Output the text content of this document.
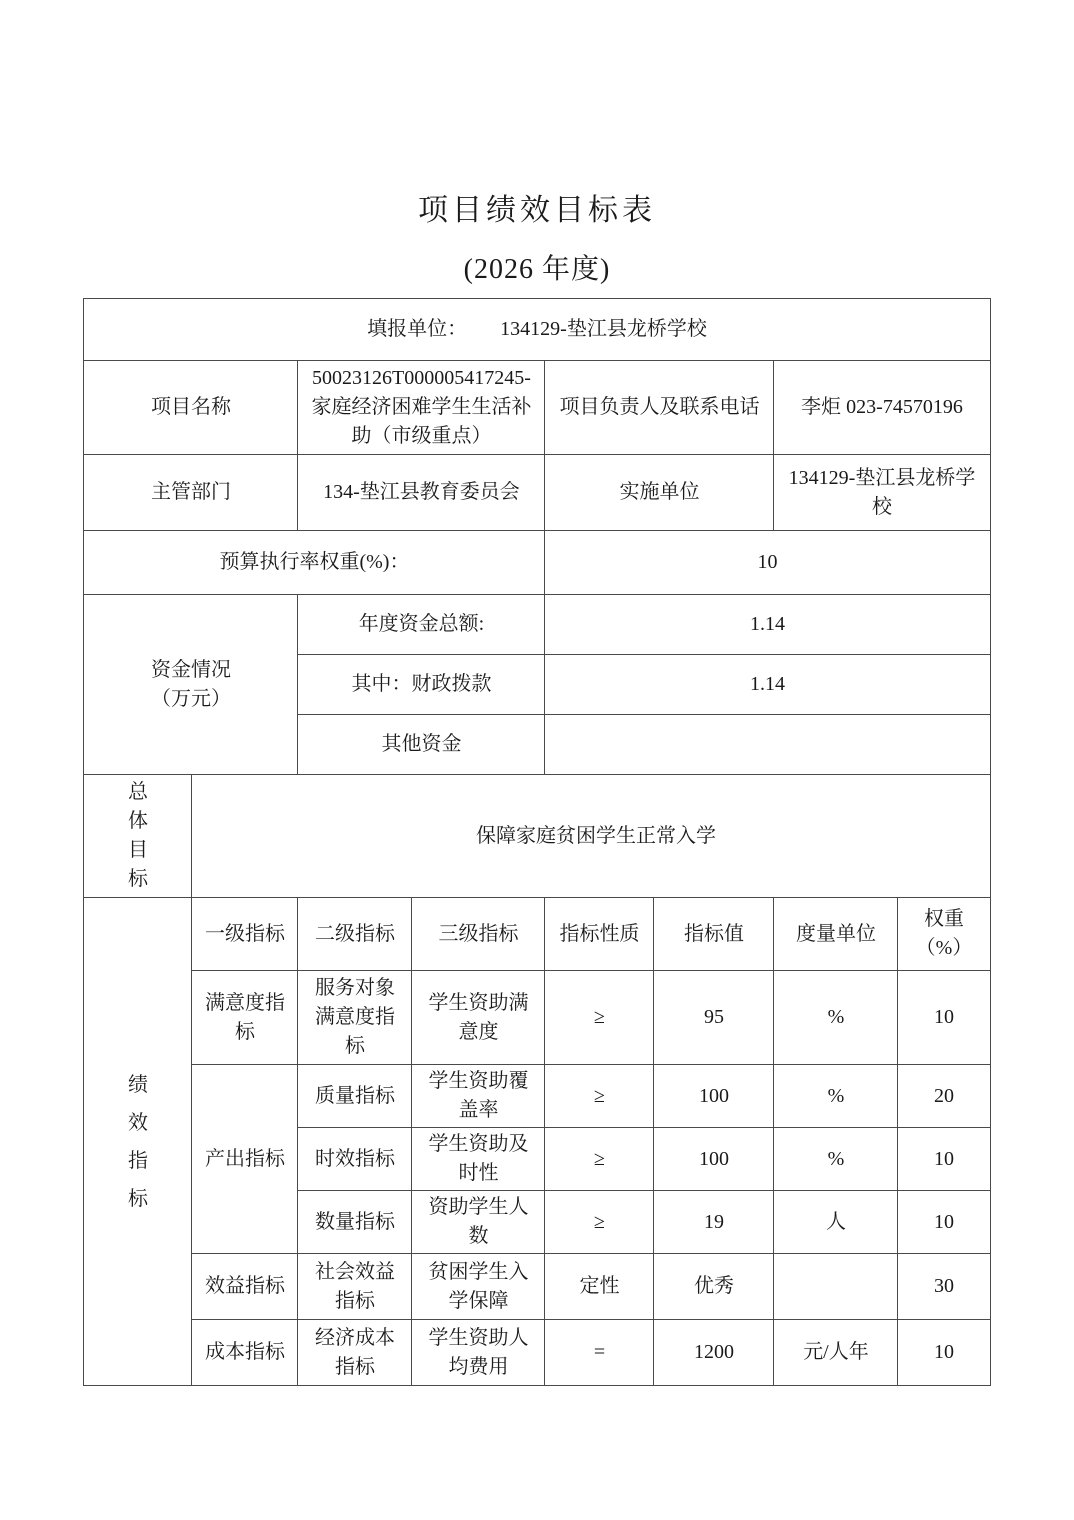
项目绩效目标表
(2026 年度)
填报单位： 134129-垫江县龙桥学校							
项目名称		50023126T000005417245-家庭经济困难学生生活补助（市级重点）		项目负责人及联系电话		李炬 023-74570196	
主管部门		134-垫江县教育委员会		实施单位		134129-垫江县龙桥学校	
预算执行率权重(%)：				10			

资金情况
（万元）		年度资金总额:		1.14			
		其中：财政拨款		1.14			
		其他资金					

总体目标	保障家庭贫困学生正常入学						

绩效指标	一级指标	二级指标	三级指标	指标性质	指标值	度量单位	权重（%）
	满意度指标	服务对象满意度指标	学生资助满意度	≥	95	%	10
	产出指标	质量指标	学生资助覆盖率	≥	100	%	20
		时效指标	学生资助及时性	≥	100	%	10
		数量指标	资助学生人数	≥	19	人	10
	效益指标	社会效益指标	贫困学生入学保障	定性	优秀		30
	成本指标	经济成本指标	学生资助人均费用	=	1200	元/人年	10
